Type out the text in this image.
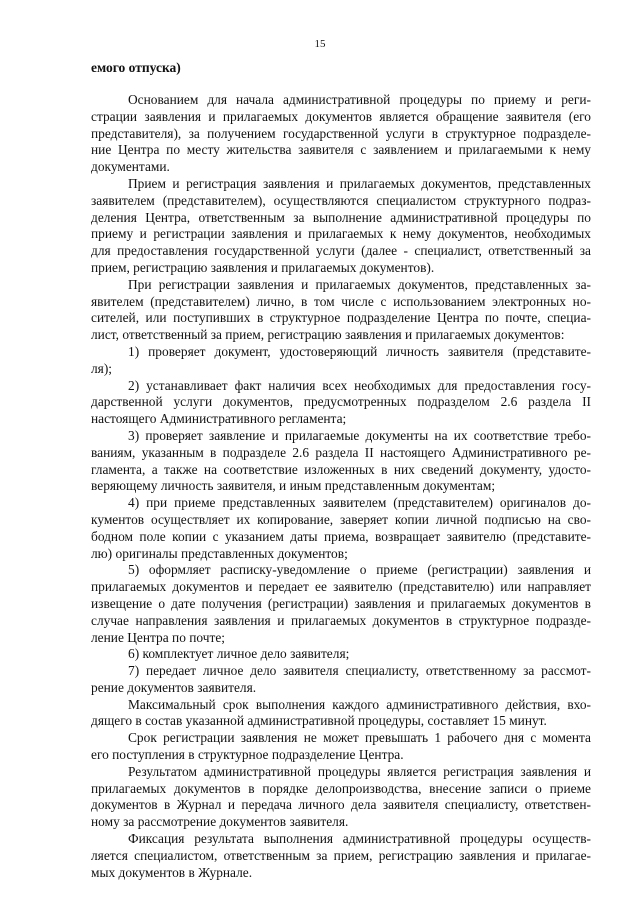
15
емого отпуска)
Основанием для начала административной процедуры по приему и реги-
страции заявления и прилагаемых документов является обращение заявителя (его
представителя), за получением государственной услуги в структурное подразделе-
ние Центра по месту жительства заявителя с заявлением и прилагаемыми к нему
документами.
Прием и регистрация заявления и прилагаемых документов, представленных
заявителем (представителем), осуществляются специалистом структурного подраз-
деления Центра, ответственным за выполнение административной процедуры по
приему и регистрации заявления и прилагаемых к нему документов, необходимых
для предоставления государственной услуги (далее - специалист, ответственный за
прием, регистрацию заявления и прилагаемых документов).
При регистрации заявления и прилагаемых документов, представленных за-
явителем (представителем) лично, в том числе с использованием электронных но-
сителей, или поступивших в структурное подразделение Центра по почте, специа-
лист, ответственный за прием, регистрацию заявления и прилагаемых документов:
1) проверяет документ, удостоверяющий личность заявителя (представите-
ля);
2) устанавливает факт наличия всех необходимых для предоставления госу-
дарственной услуги документов, предусмотренных подразделом 2.6 раздела II
настоящего Административного регламента;
3) проверяет заявление и прилагаемые документы на их соответствие требо-
ваниям, указанным в подразделе 2.6 раздела II настоящего Административного ре-
гламента, а также на соответствие изложенных в них сведений документу, удосто-
веряющему личность заявителя, и иным представленным документам;
4) при приеме представленных заявителем (представителем) оригиналов до-
кументов осуществляет их копирование, заверяет копии личной подписью на сво-
бодном поле копии с указанием даты приема, возвращает заявителю (представите-
лю) оригиналы представленных документов;
5) оформляет расписку-уведомление о приеме (регистрации) заявления и
прилагаемых документов и передает ее заявителю (представителю) или направляет
извещение о дате получения (регистрации) заявления и прилагаемых документов в
случае направления заявления и прилагаемых документов в структурное подразде-
ление Центра по почте;
6) комплектует личное дело заявителя;
7) передает личное дело заявителя специалисту, ответственному за рассмот-
рение документов заявителя.
Максимальный срок выполнения каждого административного действия, вхо-
дящего в состав указанной административной процедуры, составляет 15 минут.
Срок регистрации заявления не может превышать 1 рабочего дня с момента
его поступления в структурное подразделение Центра.
Результатом административной процедуры является регистрация заявления и
прилагаемых документов в порядке делопроизводства, внесение записи о приеме
документов в Журнал и передача личного дела заявителя специалисту, ответствен-
ному за рассмотрение документов заявителя.
Фиксация результата выполнения административной процедуры осуществ-
ляется специалистом, ответственным за прием, регистрацию заявления и прилагае-
мых документов в Журнале.
